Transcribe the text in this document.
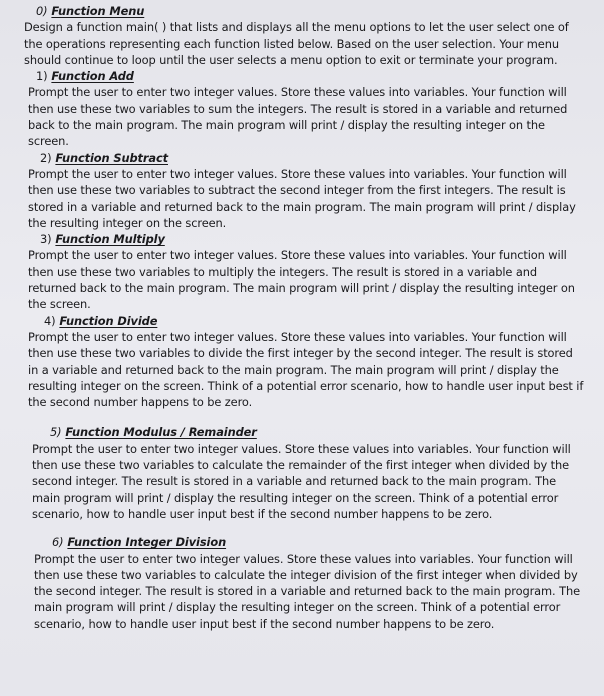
0) Function Menu
Design a function main( ) that lists and displays all the menu options to let the user select one of the operations representing each function listed below. Based on the user selection. Your menu should continue to loop until the user selects a menu option to exit or terminate your program.
1) Function Add
Prompt the user to enter two integer values. Store these values into variables. Your function will then use these two variables to sum the integers. The result is stored in a variable and returned back to the main program. The main program will print / display the resulting integer on the screen.
2) Function Subtract
Prompt the user to enter two integer values. Store these values into variables. Your function will then use these two variables to subtract the second integer from the first integers. The result is stored in a variable and returned back to the main program. The main program will print / display the resulting integer on the screen.
3) Function Multiply
Prompt the user to enter two integer values. Store these values into variables. Your function will then use these two variables to multiply the integers. The result is stored in a variable and returned back to the main program. The main program will print / display the resulting integer on the screen.
4) Function Divide
Prompt the user to enter two integer values. Store these values into variables. Your function will then use these two variables to divide the first integer by the second integer. The result is stored in a variable and returned back to the main program. The main program will print / display the resulting integer on the screen. Think of a potential error scenario, how to handle user input best if the second number happens to be zero.
5) Function Modulus / Remainder
Prompt the user to enter two integer values. Store these values into variables. Your function will then use these two variables to calculate the remainder of the first integer when divided by the second integer. The result is stored in a variable and returned back to the main program. The main program will print / display the resulting integer on the screen. Think of a potential error scenario, how to handle user input best if the second number happens to be zero.
6) Function Integer Division
Prompt the user to enter two integer values. Store these values into variables. Your function will then use these two variables to calculate the integer division of the first integer when divided by the second integer. The result is stored in a variable and returned back to the main program. The main program will print / display the resulting integer on the screen. Think of a potential error scenario, how to handle user input best if the second number happens to be zero.
